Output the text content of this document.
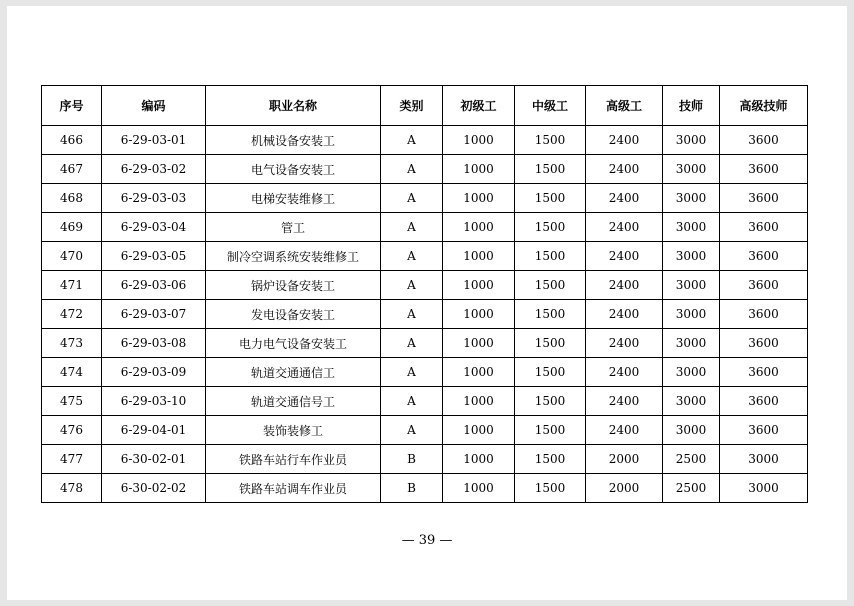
序号	编码	职业名称	类别	初级工	中级工	高级工	技师	高级技师
466	6-29-03-01	机械设备安装工	A	1000	1500	2400	3000	3600
467	6-29-03-02	电气设备安装工	A	1000	1500	2400	3000	3600
468	6-29-03-03	电梯安装维修工	A	1000	1500	2400	3000	3600
469	6-29-03-04	管工	A	1000	1500	2400	3000	3600
470	6-29-03-05	制冷空调系统安装维修工	A	1000	1500	2400	3000	3600
471	6-29-03-06	锅炉设备安装工	A	1000	1500	2400	3000	3600
472	6-29-03-07	发电设备安装工	A	1000	1500	2400	3000	3600
473	6-29-03-08	电力电气设备安装工	A	1000	1500	2400	3000	3600
474	6-29-03-09	轨道交通通信工	A	1000	1500	2400	3000	3600
475	6-29-03-10	轨道交通信号工	A	1000	1500	2400	3000	3600
476	6-29-04-01	装饰装修工	A	1000	1500	2400	3000	3600
477	6-30-02-01	铁路车站行车作业员	B	1000	1500	2000	2500	3000
478	6-30-02-02	铁路车站调车作业员	B	1000	1500	2000	2500	3000
— 39 —
